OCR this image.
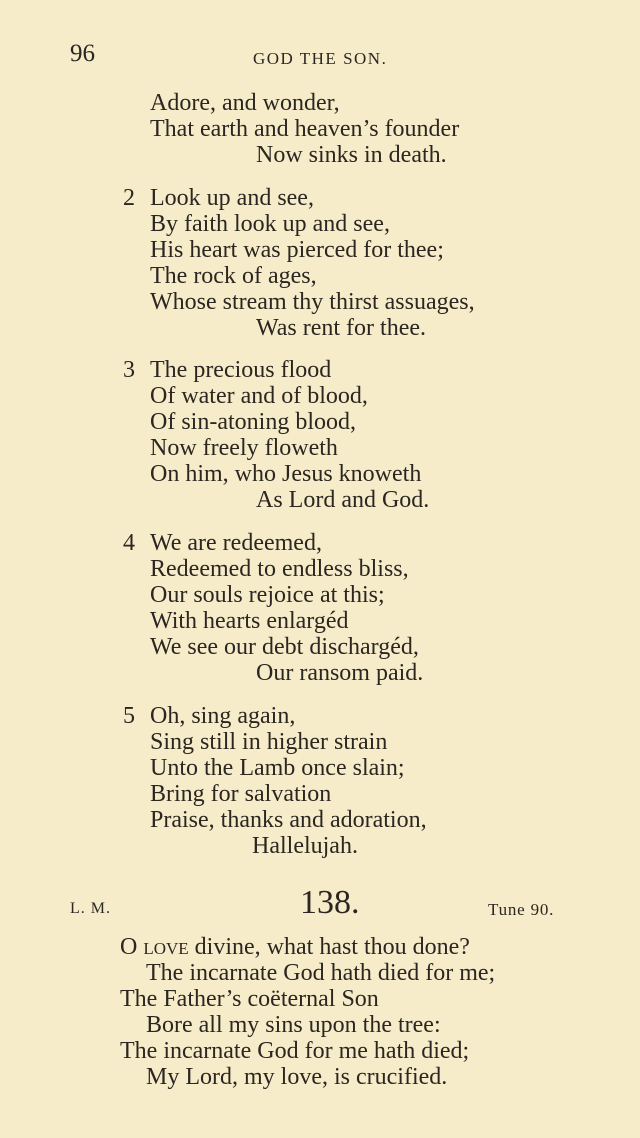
96	GOD THE SON.
Adore, and wonder,
That earth and heaven’s founder
Now sinks in death.
2 Look up and see,
By faith look up and see,
His heart was pierced for thee;
The rock of ages,
Whose stream thy thirst assuages,
Was rent for thee.
3 The precious flood
Of water and of blood,
Of sin-atoning blood,
Now freely floweth
On him, who Jesus knoweth
As Lord and God.
4 We are redeemed,
Redeemed to endless bliss,
Our souls rejoice at this;
With hearts enlargéd
We see our debt dischargéd,
Our ransom paid.
5 Oh, sing again,
Sing still in higher strain
Unto the Lamb once slain;
Bring for salvation
Praise, thanks and adoration,
Hallelujah.
L. M.	138.	Tune 90.
O love divine, what hast thou done?
The incarnate God hath died for me;
The Father’s coëternal Son
Bore all my sins upon the tree:
The incarnate God for me hath died;
My Lord, my love, is crucified.
